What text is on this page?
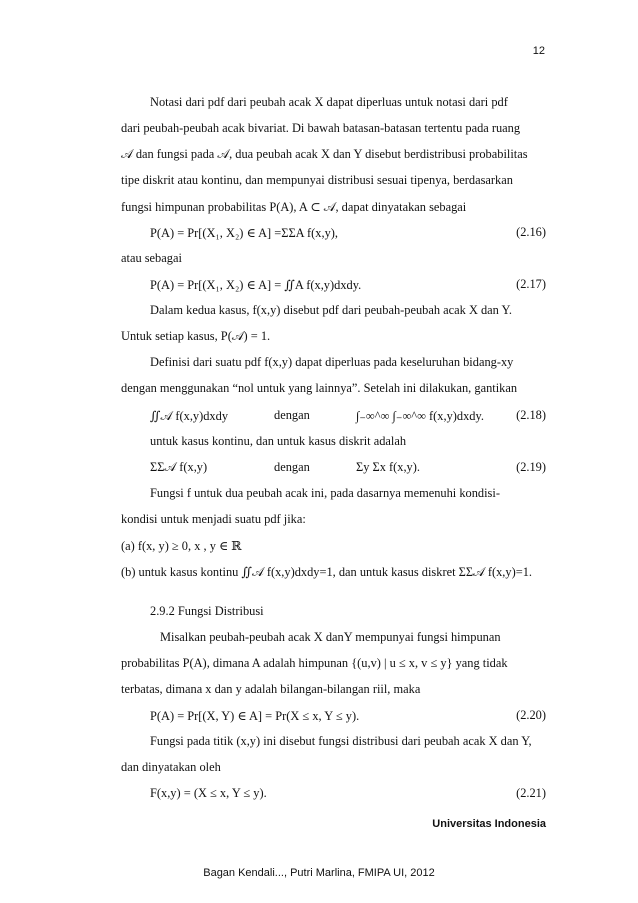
12
Notasi dari pdf dari peubah acak X dapat diperluas untuk notasi dari pdf
dari peubah-peubah acak bivariat. Di bawah batasan-batasan tertentu pada ruang
𝒜 dan fungsi pada 𝒜, dua peubah acak X dan Y disebut berdistribusi probabilitas
tipe diskrit atau kontinu, dan mempunyai distribusi sesuai tipenya, berdasarkan
fungsi himpunan probabilitas P(A), A ⊂ 𝒜, dapat dinyatakan sebagai
P(A) = Pr[(X₁, X₂) ∈ A] =ΣΣA f(x,y),	(2.16)
atau sebagai
P(A) = Pr[(X₁, X₂) ∈ A] = ∬A f(x,y)dxdy.	(2.17)
Dalam kedua kasus, f(x,y) disebut pdf dari peubah-peubah acak X dan Y.
Untuk setiap kasus, P(𝒜) = 1.
Definisi dari suatu pdf f(x,y) dapat diperluas pada keseluruhan bidang-xy
dengan menggunakan “nol untuk yang lainnya”. Setelah ini dilakukan, gantikan
∬𝒜 f(x,y)dxdy	dengan	∫₋∞^∞ ∫₋∞^∞ f(x,y)dxdy.	(2.18)
untuk kasus kontinu, dan untuk kasus diskrit adalah
ΣΣ𝒜 f(x,y)	dengan	Σy Σx f(x,y).	(2.19)
Fungsi f untuk dua peubah acak ini, pada dasarnya memenuhi kondisi-
kondisi untuk menjadi suatu pdf jika:
(a) f(x, y) ≥ 0, x , y ∈ ℝ
(b) untuk kasus kontinu ∬𝒜 f(x,y)dxdy=1, dan untuk kasus diskret ΣΣ𝒜 f(x,y)=1.
2.9.2 Fungsi Distribusi
Misalkan peubah-peubah acak X danY mempunyai fungsi himpunan
probabilitas P(A), dimana A adalah himpunan {(u,v) | u ≤ x, v ≤ y} yang tidak
terbatas, dimana x dan y adalah bilangan-bilangan riil, maka
P(A) = Pr[(X, Y) ∈ A] = Pr(X ≤ x, Y ≤ y).	(2.20)
Fungsi pada titik (x,y) ini disebut fungsi distribusi dari peubah acak X dan Y,
dan dinyatakan oleh
F(x,y) = (X ≤ x, Y ≤ y).	(2.21)
Universitas Indonesia
Bagan Kendali..., Putri Marlina, FMIPA UI, 2012
